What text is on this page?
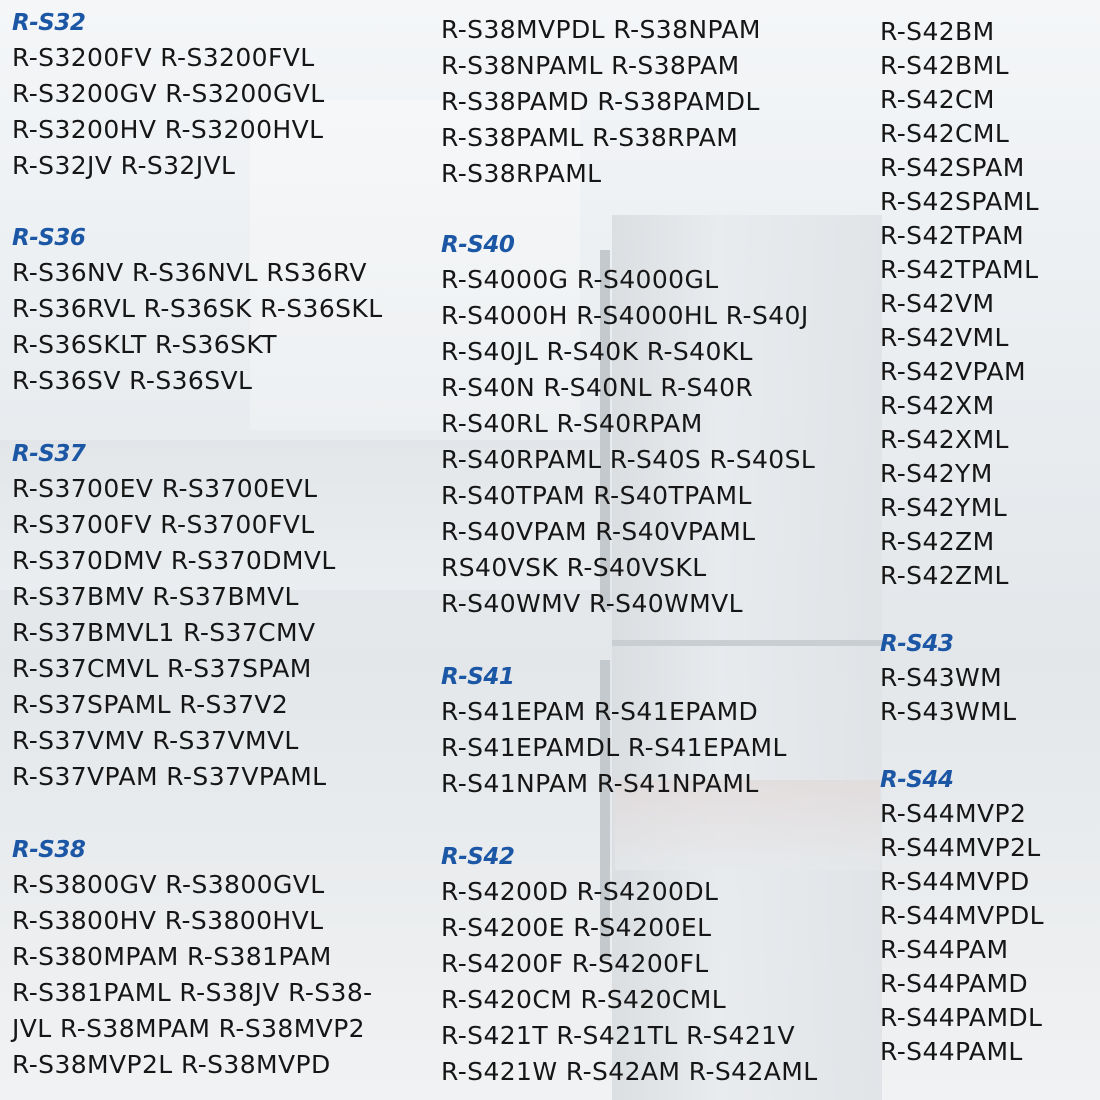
R-S32
R-S3200FV R-S3200FVL
R-S3200GV R-S3200GVL
R-S3200HV R-S3200HVL
R-S32JV R-S32JVL
R-S36
R-S36NV R-S36NVL RS36RV
R-S36RVL R-S36SK R-S36SKL
R-S36SKLT R-S36SKT
R-S36SV R-S36SVL
R-S37
R-S3700EV R-S3700EVL
R-S3700FV R-S3700FVL
R-S370DMV R-S370DMVL
R-S37BMV R-S37BMVL
R-S37BMVL1 R-S37CMV
R-S37CMVL R-S37SPAM
R-S37SPAML R-S37V2
R-S37VMV R-S37VMVL
R-S37VPAM R-S37VPAML
R-S38
R-S3800GV R-S3800GVL
R-S3800HV R-S3800HVL
R-S380MPAM R-S381PAM
R-S381PAML R-S38JV R-S38-
JVL R-S38MPAM R-S38MVP2
R-S38MVP2L R-S38MVPD
R-S38MVPDL R-S38NPAM
R-S38NPAML R-S38PAM
R-S38PAMD R-S38PAMDL
R-S38PAML R-S38RPAM
R-S38RPAML
R-S40
R-S4000G R-S4000GL
R-S4000H R-S4000HL R-S40J
R-S40JL R-S40K R-S40KL
R-S40N R-S40NL R-S40R
R-S40RL R-S40RPAM
R-S40RPAML R-S40S R-S40SL
R-S40TPAM R-S40TPAML
R-S40VPAM R-S40VPAML
RS40VSK R-S40VSKL
R-S40WMV R-S40WMVL
R-S41
R-S41EPAM R-S41EPAMD
R-S41EPAMDL R-S41EPAML
R-S41NPAM R-S41NPAML
R-S42
R-S4200D R-S4200DL
R-S4200E R-S4200EL
R-S4200F R-S4200FL
R-S420CM R-S420CML
R-S421T R-S421TL R-S421V
R-S421W R-S42AM R-S42AML
R-S42BM
R-S42BML
R-S42CM
R-S42CML
R-S42SPAM
R-S42SPAML
R-S42TPAM
R-S42TPAML
R-S42VM
R-S42VML
R-S42VPAM
R-S42XM
R-S42XML
R-S42YM
R-S42YML
R-S42ZM
R-S42ZML
R-S43
R-S43WM
R-S43WML
R-S44
R-S44MVP2
R-S44MVP2L
R-S44MVPD
R-S44MVPDL
R-S44PAM
R-S44PAMD
R-S44PAMDL
R-S44PAML
